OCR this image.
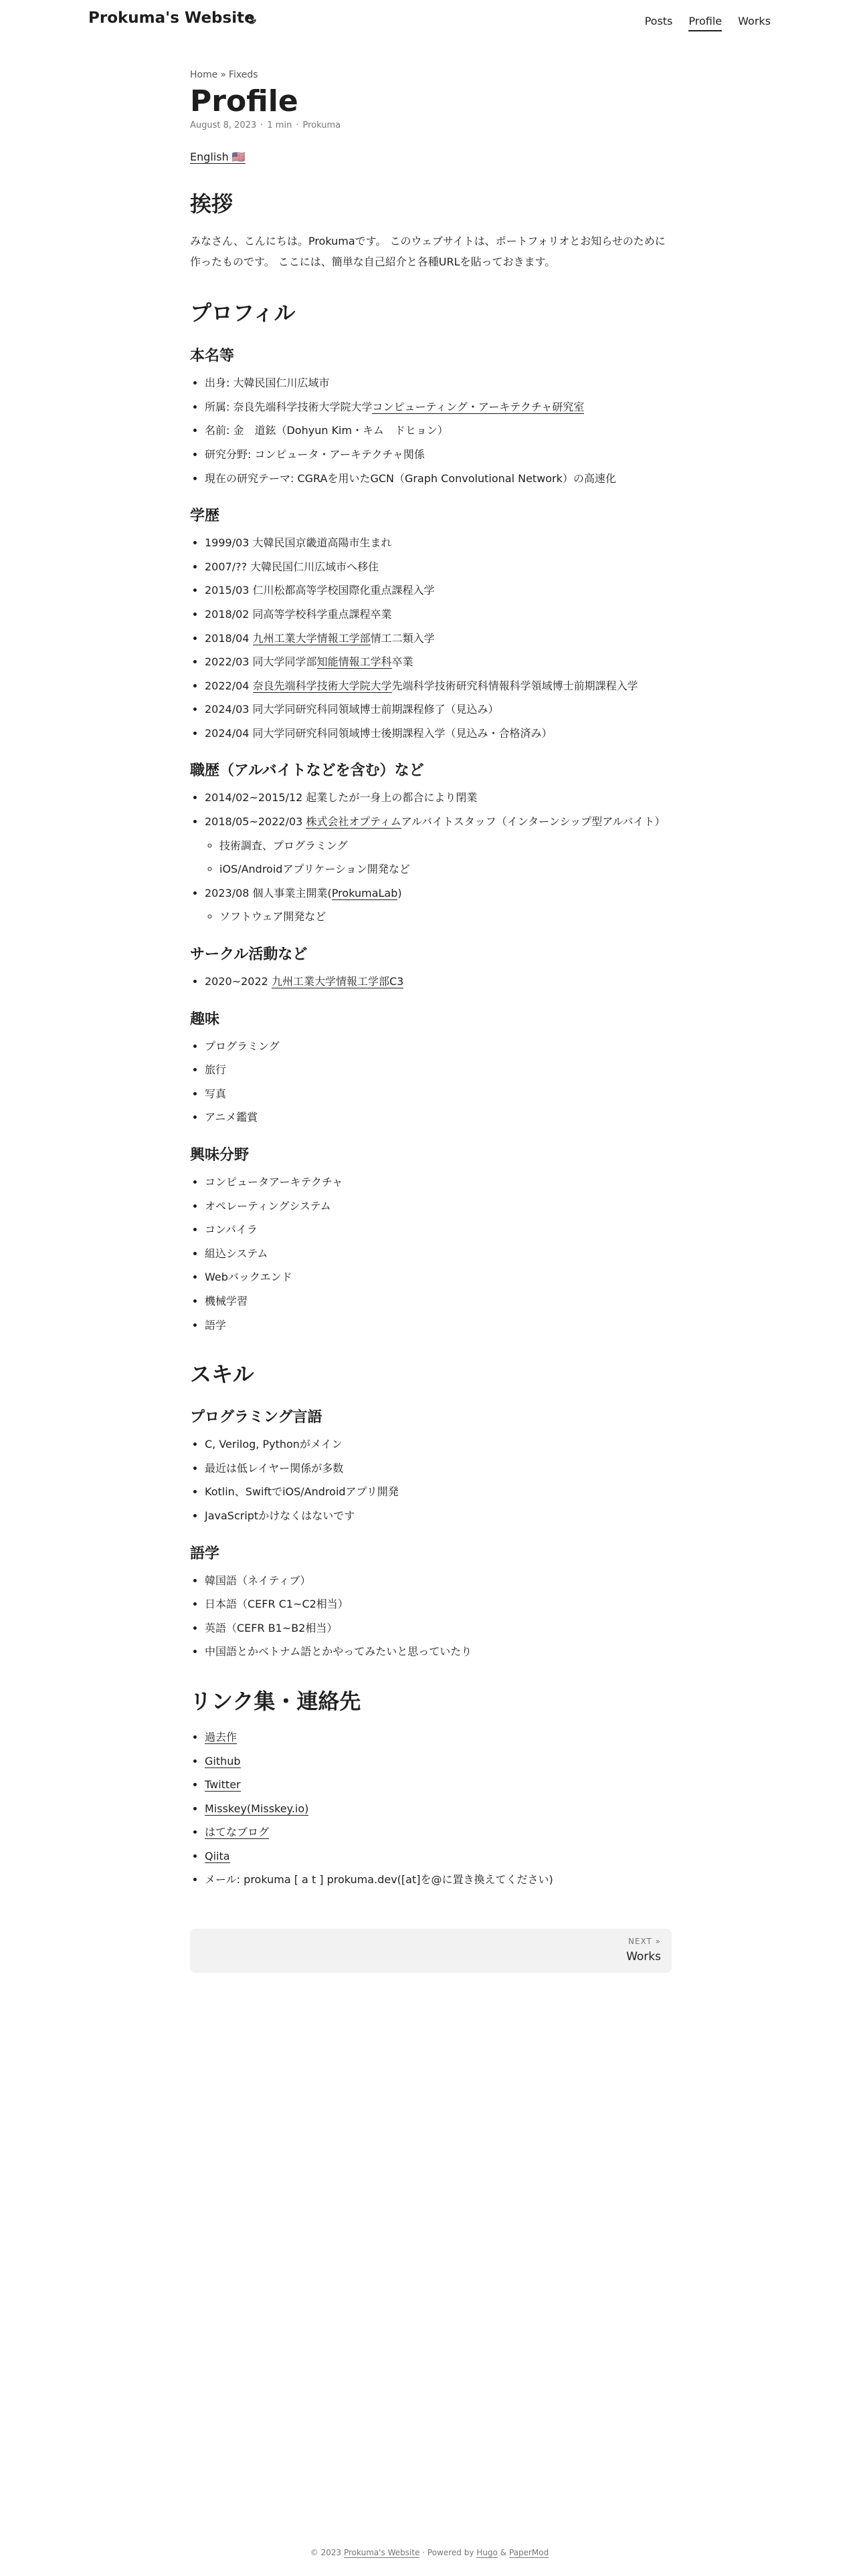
Prokuma's Website	Posts Profile Works
Home » Fixeds
Profile
August 8, 2023 · 1 min · Prokuma
English 🇺🇸
挨拶

みなさん、こんにちは。Prokumaです。 このウェブサイトは、ポートフォリオとお知らせのために作ったものです。 ここには、簡単な自己紹介と各種URLを貼っておきます。

プロフィル
本名等
• 出身: 大韓民国仁川広域市
• 所属: 奈良先端科学技術大学院大学コンピューティング・アーキテクチャ研究室
• 名前: 金　道鉉（Dohyun Kim・キム　ドヒョン）
• 研究分野: コンピュータ・アーキテクチャ関係
• 現在の研究テーマ: CGRAを用いたGCN（Graph Convolutional Network）の高速化
学歴
• 1999/03 大韓民国京畿道高陽市生まれ
• 2007/?? 大韓民国仁川広域市へ移住
• 2015/03 仁川松都高等学校国際化重点課程入学
• 2018/02 同高等学校科学重点課程卒業
• 2018/04 九州工業大学情報工学部情工二類入学
• 2022/03 同大学同学部知能情報工学科卒業
• 2022/04 奈良先端科学技術大学院大学先端科学技術研究科情報科学領域博士前期課程入学
• 2024/03 同大学同研究科同領域博士前期課程修了（見込み）
• 2024/04 同大学同研究科同領域博士後期課程入学（見込み・合格済み）
職歴（アルバイトなどを含む）など
• 2014/02~2015/12 起業したが一身上の都合により閉業
• 2018/05~2022/03 株式会社オプティムアルバイトスタッフ（インターンシップ型アルバイト）
◦ 技術調査、プログラミング
◦ iOS/Androidアプリケーション開発など
• 2023/08 個人事業主開業(ProkumaLab)
◦ ソフトウェア開発など
サークル活動など
• 2020~2022 九州工業大学情報工学部C3
趣味
• プログラミング
• 旅行
• 写真
• アニメ鑑賞
興味分野
• コンピュータアーキテクチャ
• オペレーティングシステム
• コンパイラ
• 組込システム
• Webバックエンド
• 機械学習
• 語学
スキル
プログラミング言語
• C, Verilog, Pythonがメイン
• 最近は低レイヤー関係が多数
• Kotlin、SwiftでiOS/Androidアプリ開発
• JavaScriptかけなくはないです
語学
• 韓国語（ネイティブ）
• 日本語（CEFR C1~C2相当）
• 英語（CEFR B1~B2相当）
• 中国語とかベトナム語とかやってみたいと思っていたり
リンク集・連絡先
• 過去作
• Github
• Twitter
• Misskey(Misskey.io)
• はてなブログ
• Qiita
• メール: prokuma [ a t ] prokuma.dev([at]を@に置き換えてください)
NEXT »
Works
© 2023 Prokuma's Website · Powered by Hugo & PaperMod
